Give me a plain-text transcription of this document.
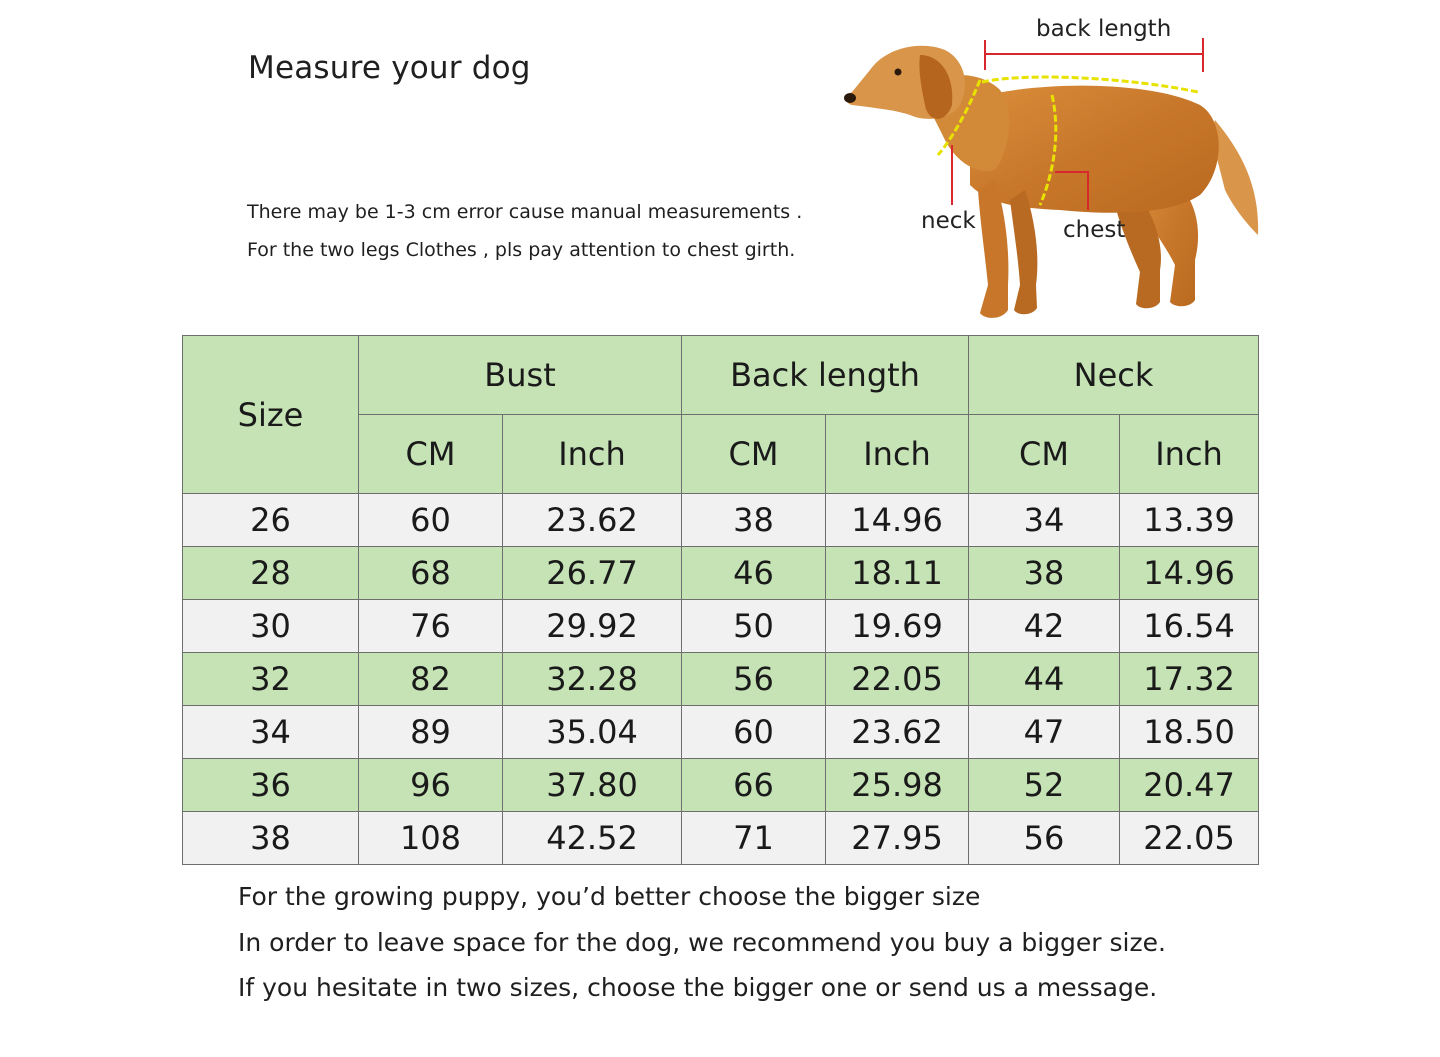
Measure your dog
There may be 1-3 cm error cause manual measurements .
For the two legs Clothes , pls pay attention to chest girth.
back length
neck	chest
Size	Bust		Back length		Neck	
	CM	Inch	CM	Inch	CM	Inch
26	60	23.62	38	14.96	34	13.39
28	68	26.77	46	18.11	38	14.96
30	76	29.92	50	19.69	42	16.54
32	82	32.28	56	22.05	44	17.32
34	89	35.04	60	23.62	47	18.50
36	96	37.80	66	25.98	52	20.47
38	108	42.52	71	27.95	56	22.05
For the growing puppy, you’d better choose the bigger size
In order to leave space for the dog, we recommend you buy a bigger size.
If you hesitate in two sizes, choose the bigger one or send us a message.
